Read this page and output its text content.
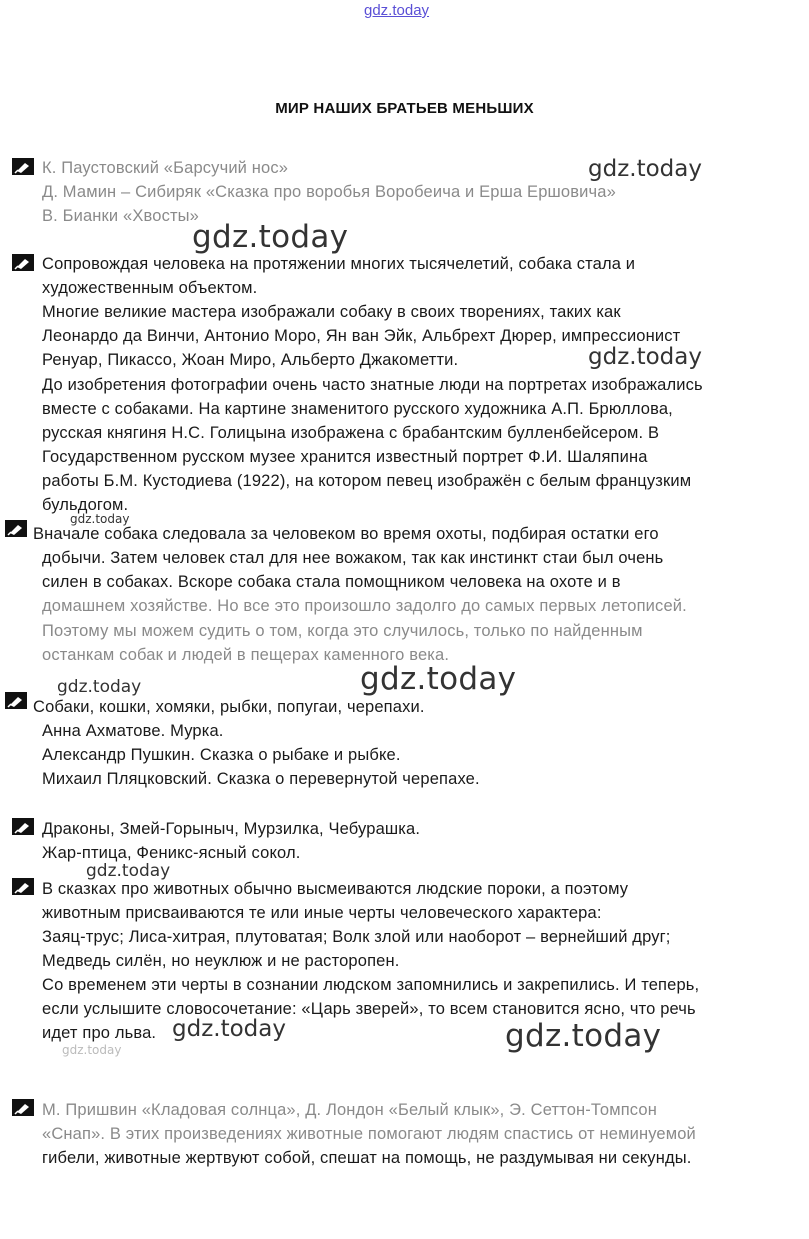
gdz.today
МИР НАШИХ БРАТЬЕВ МЕНЬШИХ
К. Паустовский «Барсучий нос»
Д. Мамин – Сибиряк «Сказка про воробья Воробеича и Ерша Ершовича»
В. Бианки «Хвосты»
Сопровождая человека на протяжении многих тысячелетий, собака стала и
художественным объектом.
Многие великие мастера изображали собаку в своих творениях, таких как
Леонардо да Винчи, Антонио Моро, Ян ван Эйк, Альбрехт Дюрер, импрессионист
Ренуар, Пикассо, Жоан Миро, Альберто Джакометти.
До изобретения фотографии очень часто знатные люди на портретах изображались
вместе с собаками. На картине знаменитого русского художника А.П. Брюллова,
русская княгиня Н.С. Голицына изображена с брабантским булленбейсером. В
Государственном русском музее хранится известный портрет Ф.И. Шаляпина
работы Б.М. Кустодиева (1922), на котором певец изображён с белым французким
бульдогом.
Вначале собака следовала за человеком во время охоты, подбирая остатки его
добычи. Затем человек стал для нее вожаком, так как инстинкт стаи был очень
силен в собаках. Вскоре собака стала помощником человека на охоте и в
домашнем хозяйстве. Но все это произошло задолго до самых первых летописей.
Поэтому мы можем судить о том, когда это случилось, только по найденным
останкам собак и людей в пещерах каменного века.
Собаки, кошки, хомяки, рыбки, попугаи, черепахи.
Анна Ахматове. Мурка.
Александр Пушкин. Сказка о рыбаке и рыбке.
Михаил Пляцковский. Сказка о перевернутой черепахе.
Драконы, Змей-Горыныч, Мурзилка, Чебурашка.
Жар-птица, Феникс-ясный сокол.
В сказках про животных обычно высмеиваются людские пороки, а поэтому
животным присваиваются те или иные черты человеческого характера:
Заяц-трус; Лиса-хитрая, плутоватая; Волк злой или наоборот – вернейший друг;
Медведь силён, но неуклюж и не расторопен.
Со временем эти черты в сознании людском запомнились и закрепились. И теперь,
если услышите словосочетание: «Царь зверей», то всем становится ясно, что речь
идет про льва.
М. Пришвин «Кладовая солнца», Д. Лондон «Белый клык», Э. Сеттон-Томпсон
«Снап». В этих произведениях животные помогают людям спастись от неминуемой
гибели, животные жертвуют собой, спешат на помощь, не раздумывая ни секунды.
gdz.today
gdz.today
gdz.today
gdz.today
gdz.today
gdz.today
gdz.today
gdz.today	gdz.today
gdz.today
